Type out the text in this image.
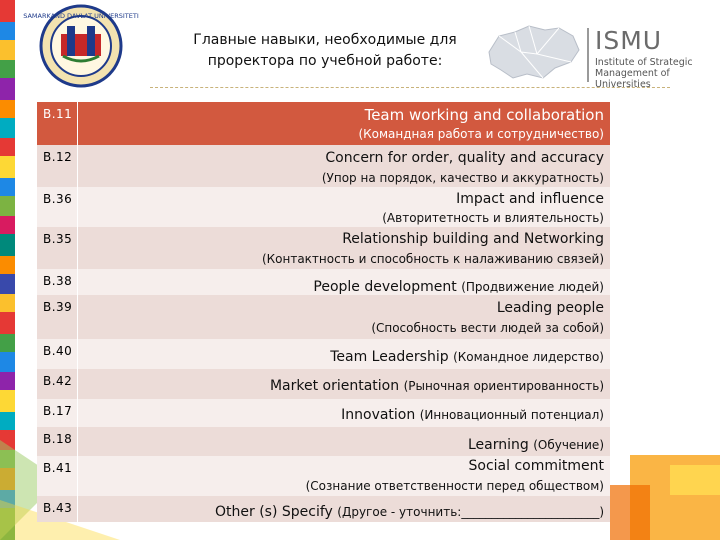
SAMARKAND DAVLAT UNIVERSITETI
Главные навыки, необходимые для
проректора по учебной работе:
ISMU
Institute of Strategic
Management of Universities
B.11	Team working and collaboration
(Командная работа и сотрудничество)
B.12	Concern for order, quality and accuracy
(Упор на порядок, качество и аккуратность)
B.36	Impact and influence
(Авторитетность и влиятельность)
B.35	Relationship building and Networking
(Контактность и способность к налаживанию связей)
B.38	People development (Продвижение людей)
B.39	Leading people
(Способность вести людей за собой)
B.40	Team Leadership (Командное лидерство)
B.42	Market orientation (Рыночная ориентированность)
B.17	Innovation (Инновационный потенциал)
B.18	Learning (Обучение)
B.41	Social commitment
(Сознание ответственности перед обществом)
B.43	Other (s) Specify (Другое - уточнить:_______________________)
